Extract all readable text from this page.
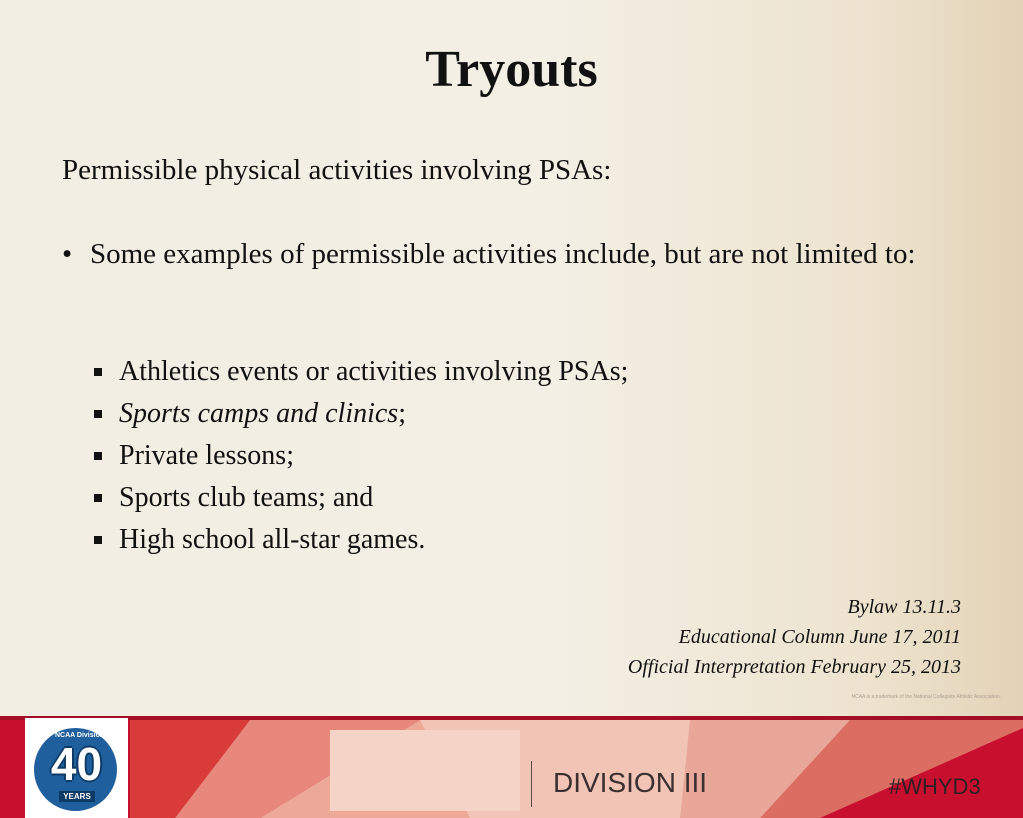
Tryouts
Permissible physical activities involving PSAs:
• Some examples of permissible activities include, but are not limited to:
Athletics events or activities involving PSAs;
Sports camps and clinics;
Private lessons;
Sports club teams; and
High school all-star games.
Bylaw 13.11.3
Educational Column June 17, 2011
Official Interpretation February 25, 2013
NCAA is a trademark of the National Collegiate Athletic Association.
NCAA Division III
40
YEARS	DIVISION III	#WHYD3
